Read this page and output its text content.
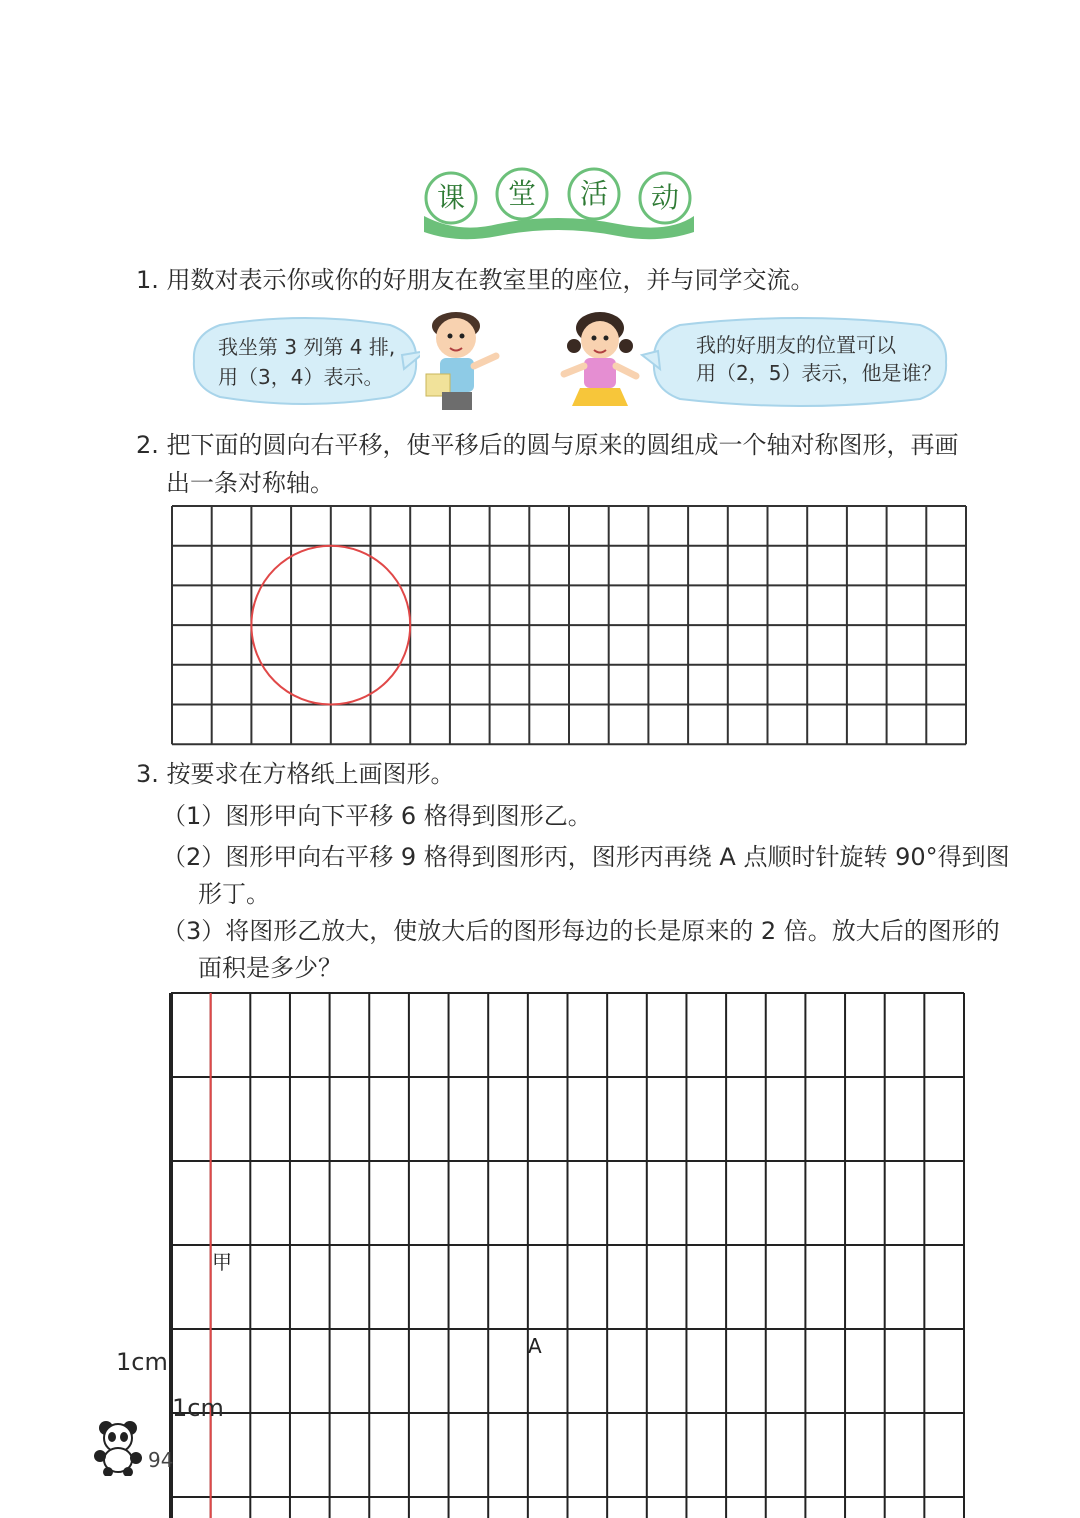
课	堂	活	动
1. 用数对表示你或你的好朋友在教室里的座位，并与同学交流。
我坐第 3 列第 4 排,
用（3，4）表示。
我的好朋友的位置可以
用（2，5）表示，他是谁？
2. 把下面的圆向右平移，使平移后的圆与原来的圆组成一个轴对称图形，再画
出一条对称轴。
3. 按要求在方格纸上画图形。
（1）图形甲向下平移 6 格得到图形乙。
（2）图形甲向右平移 9 格得到图形丙，图形丙再绕 A 点顺时针旋转 90°得到图
形丁。
（3）将图形乙放大，使放大后的图形每边的长是原来的 2 倍。放大后的图形的
面积是多少？
甲
A
1cm
1cm
94
